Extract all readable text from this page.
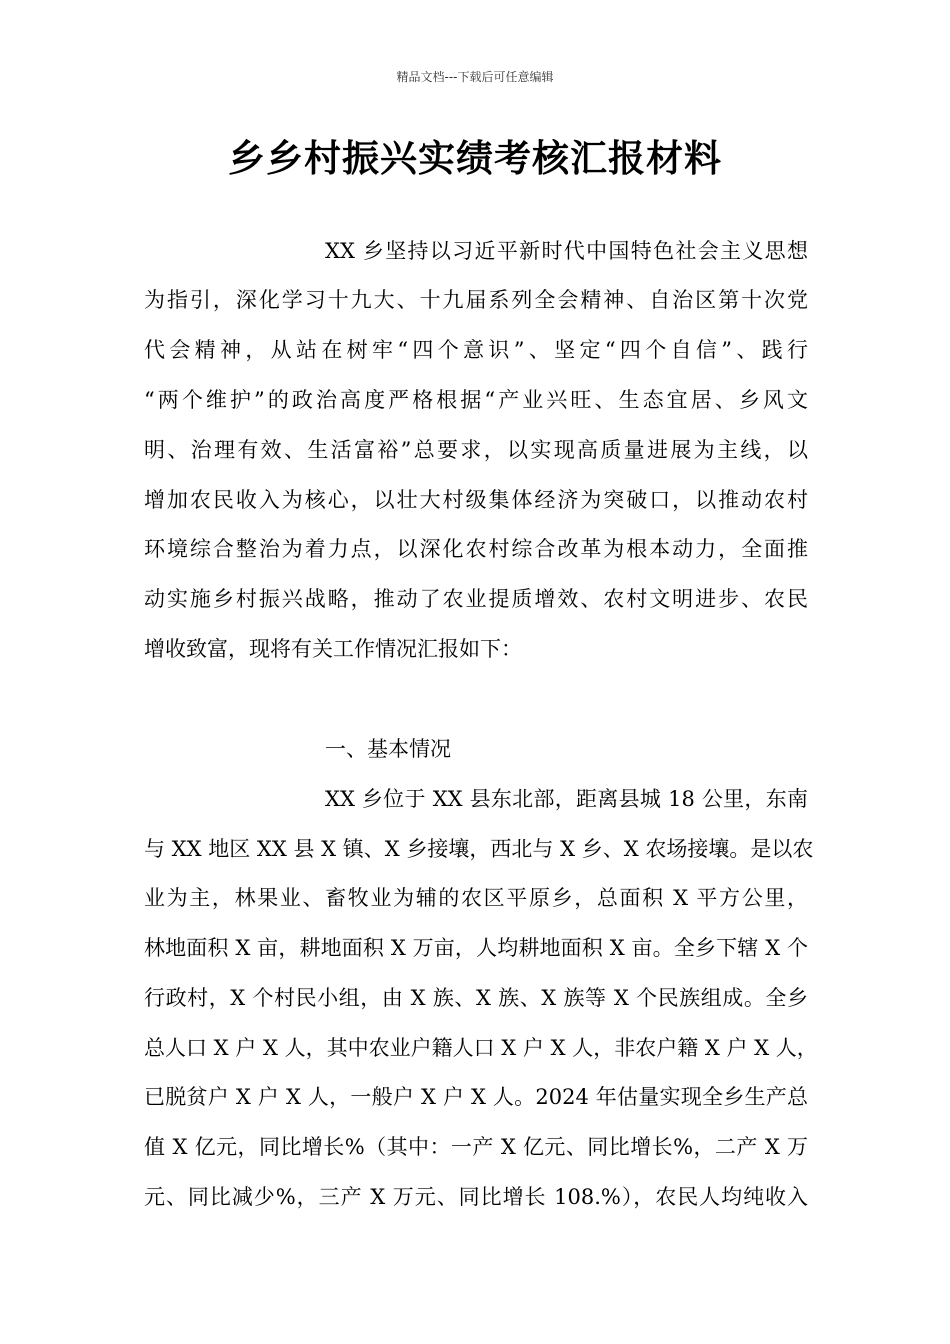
精品文档---下载后可任意编辑
乡乡村振兴实绩考核汇报材料
XX 乡坚持以习近平新时代中国特色社会主义思想
为指引，深化学习十九大、十九届系列全会精神、自治区第十次党
代会精神，从站在树牢“四个意识”、坚定“四个自信”、践行
“两个维护”的政治高度严格根据“产业兴旺、生态宜居、乡风文
明、治理有效、生活富裕”总要求，以实现高质量进展为主线，以
增加农民收入为核心，以壮大村级集体经济为突破口，以推动农村
环境综合整治为着力点，以深化农村综合改革为根本动力，全面推
动实施乡村振兴战略，推动了农业提质增效、农村文明进步、农民
增收致富，现将有关工作情况汇报如下：
一、基本情况
XX 乡位于 XX 县东北部，距离县城 18 公里，东南
与 XX 地区 XX 县 X 镇、X 乡接壤，西北与 X 乡、X 农场接壤。是以农
业为主，林果业、畜牧业为辅的农区平原乡，总面积 X 平方公里，
林地面积 X 亩，耕地面积 X 万亩，人均耕地面积 X 亩。全乡下辖 X 个
行政村，X 个村民小组，由 X 族、X 族、X 族等 X 个民族组成。全乡
总人口 X 户 X 人，其中农业户籍人口 X 户 X 人，非农户籍 X 户 X 人，
已脱贫户 X 户 X 人，一般户 X 户 X 人。2024 年估量实现全乡生产总
值 X 亿元，同比增长%（其中：一产 X 亿元、同比增长%，二产 X 万
元、同比减少%，三产 X 万元、同比增长 108.%），农民人均纯收入
